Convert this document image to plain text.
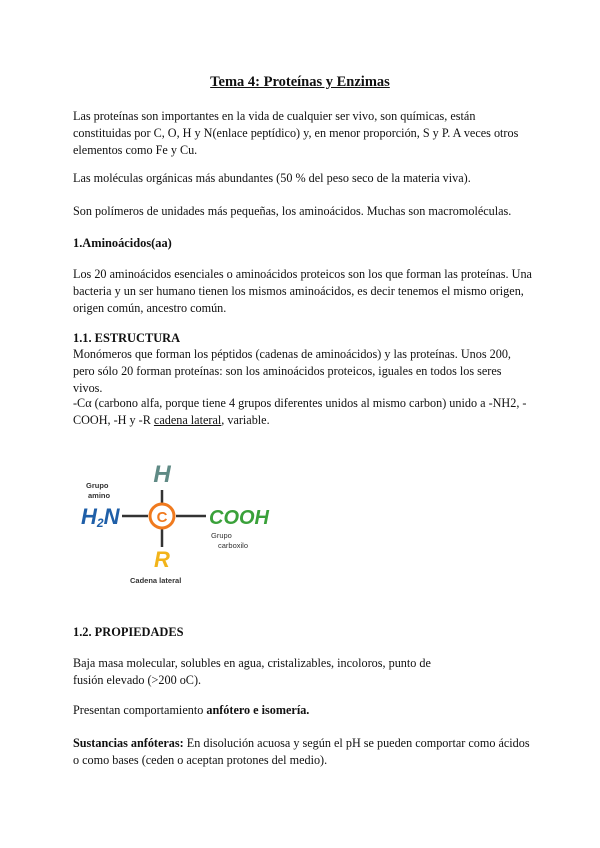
Tema 4: Proteínas y Enzimas

Las proteínas son importantes en la vida de cualquier ser vivo, son químicas, están constituidas por C, O, H y N(enlace peptídico) y, en menor proporción, S y P. A veces otros elementos como Fe y Cu.

Las moléculas orgánicas más abundantes (50 % del peso seco de la materia viva).

Son polímeros de unidades más pequeñas, los aminoácidos. Muchas son macromoléculas.

1.Aminoácidos(aa)

Los 20 aminoácidos esenciales o aminoácidos proteicos son los que forman las proteínas. Una bacteria y un ser humano tienen los mismos aminoácidos, es decir tenemos el mismo origen, origen común, ancestro común.

1.1. ESTRUCTURA

Monómeros que forman los péptidos (cadenas de aminoácidos) y las proteínas. Unos 200, pero sólo 20 forman proteínas: son los aminoácidos proteicos, iguales en todos los seres vivos.

-Cα (carbono alfa, porque tiene 4 grupos diferentes unidos al mismo carbon) unido a -NH2, -COOH, -H y -R cadena lateral, variable.

H
H2N C COOH
R
Grupo
amino
Grupo
carboxilo
Cadena lateral

1.2. PROPIEDADES

Baja masa molecular, solubles en agua, cristalizables, incoloros, punto de fusión elevado (>200 oC).

Presentan comportamiento anfótero e isomería.

Sustancias anfóteras: En disolución acuosa y según el pH se pueden comportar como ácidos o como bases (ceden o aceptan protones del medio).
